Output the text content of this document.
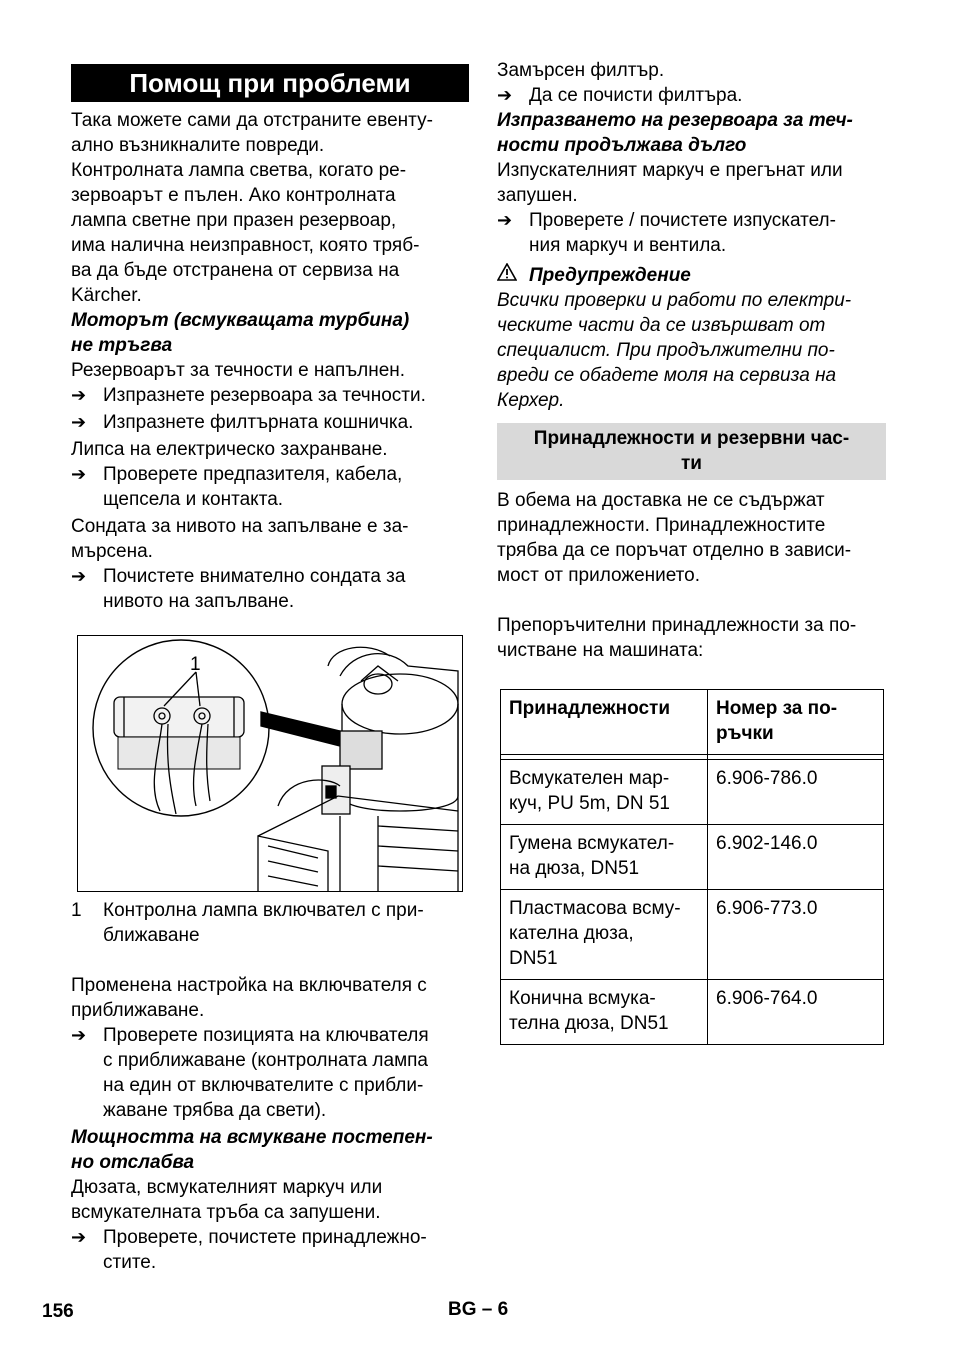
Помощ при проблеми

Така можете сами да отстраните евенту-

ално възникналите повреди.

Контролната лампа светва, когато ре-

зервоарът е пълен. Ако контролната

лампа светне при празен резервоар,

има налична неизправност, която тряб-

ва да бъде отстранена от сервиза на

Kärcher.

Моторът (всмукващата турбина)

не тръгва

Резервоарът за течности е напълнен.

➔ Изпразнете резервоара за течности.
➔ Изпразнете филтърната кошничка.

Липса на електрическо захранване.

➔ Проверете предпазителя, кабела,

щепсела и контакта.

Сондата за нивото на запълване е за-

мърсена.

➔ Почистете внимателно сондата за

нивото на запълване.

1
1	Контролна лампа включвател с при-

ближаване

Променена настройка на включвателя с

приближаване.

➔ Проверете позицията на ключвателя

с приближаване (контролната лампа

на един от включвателите с прибли-

жаване трябва да свети).

Мощността на всмукване постепен-

но отслабва

Дюзата, всмукателният маркуч или

всмукателната тръба са запушени.

➔ Проверете, почистете принадлежно-

стите.

Замърсен филтър.

➔ Да се почисти филтъра.

Изпразването на резервоара за теч-

ности продължава дълго

Изпускателният маркуч е прегънат или

запушен.

➔ Проверете / почистете изпускател-

ния маркуч и вентила.

Предупреждение

Всички проверки и работи по електри-

ческите части да се извършват от

специалист. При продължителни по-

вреди се обадете моля на сервиза на

Керхер.

Принадлежности и резервни час-

ти

В обема на доставка не се съдържат

принадлежности. Принадлежностите

трябва да се поръчат отделно в зависи-

мост от приложението.

Препоръчителни принадлежности за по-

чистване на машината:

Принадлежности	Номер за по-

ръчки

Всмукателен мар-

куч, PU 5m, DN 51	6.906-786.0

Гумена всмукател-

на дюза, DN51	6.902-146.0

Пластмасова всму-

кателна дюза,

DN51	6.906-773.0

Конична всмука-

телна дюза, DN51	6.906-764.0
156	BG – 6
